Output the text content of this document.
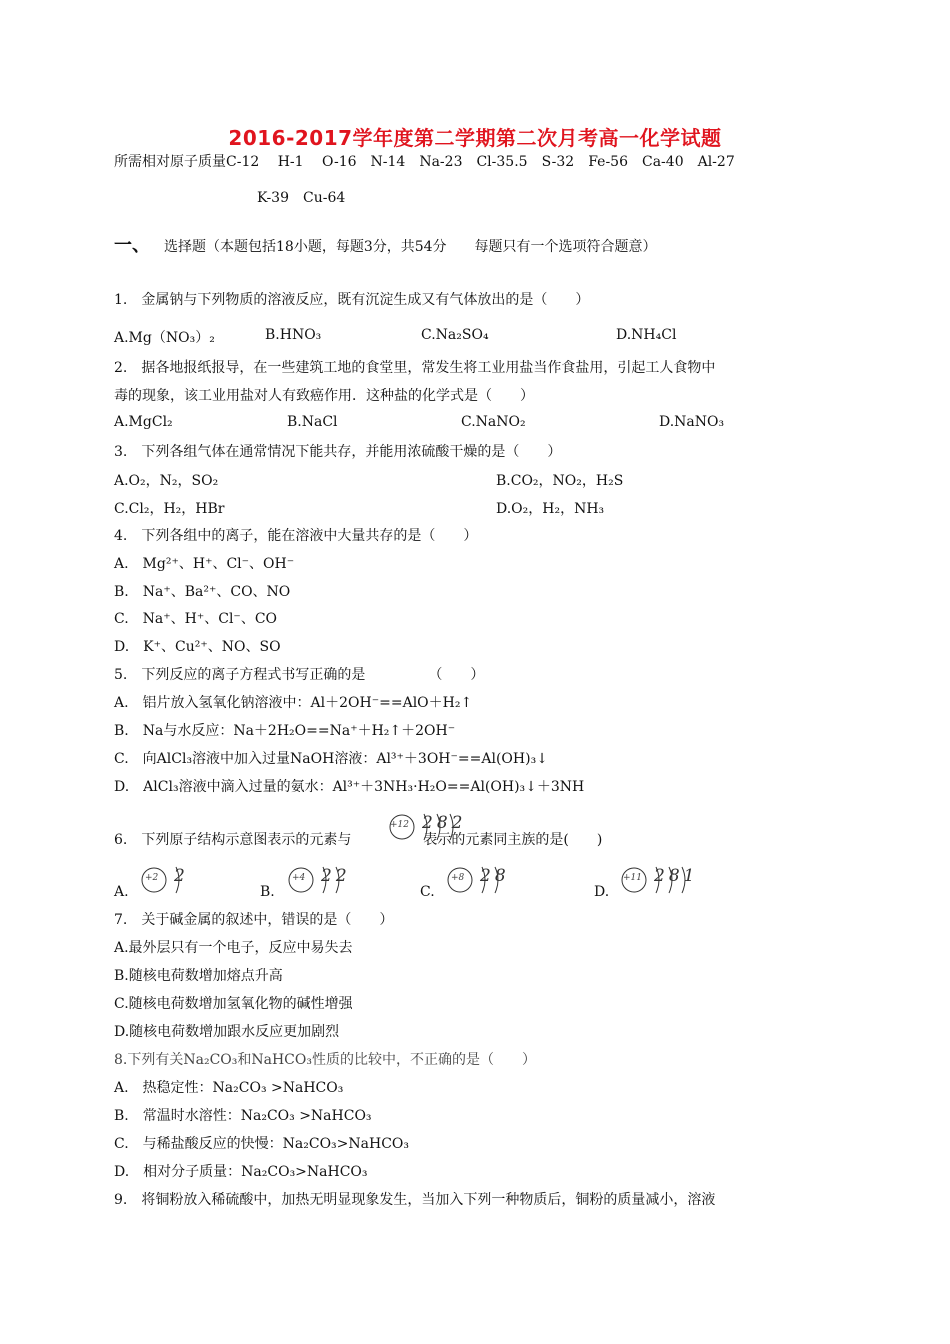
2016-2017学年度第二学期第二次月考高一化学试题
所需相对原子质量C-12　 H-1　 O-16　N-14　Na-23　Cl-35.5　S-32　Fe-56　Ca-40　Al-27
K-39　Cu-64
一、 选择题（本题包括18小题，每题3分，共54分　　每题只有一个选项符合题意）
1.　金属钠与下列物质的溶液反应，既有沉淀生成又有气体放出的是（　　）
A.Mg（NO₃）₂	B.HNO₃	C.Na₂SO₄	D.NH₄Cl
2.　据各地报纸报导，在一些建筑工地的食堂里，常发生将工业用盐当作食盐用，引起工人食物中
毒的现象，该工业用盐对人有致癌作用．这种盐的化学式是（　　）
A.MgCl₂	B.NaCl	C.NaNO₂	D.NaNO₃
3.　下列各组气体在通常情况下能共存，并能用浓硫酸干燥的是（　　）
A.O₂，N₂，SO₂	B.CO₂，NO₂，H₂S
C.Cl₂，H₂，HBr	D.O₂，H₂，NH₃
4.　下列各组中的离子，能在溶液中大量共存的是（　　）
A.　Mg²⁺、H⁺、Cl⁻、OH⁻
B.　Na⁺、Ba²⁺、CO、NO
C.　Na⁺、H⁺、Cl⁻、CO
D.　K⁺、Cu²⁺、NO、SO
5.　下列反应的离子方程式书写正确的是　　　　　（　　）
A.　铝片放入氢氧化钠溶液中：Al＋2OH⁻==AlO＋H₂↑
B.　Na与水反应：Na＋2H₂O==Na⁺＋H₂↑＋2OH⁻
C.　向AlCl₃溶液中加入过量NaOH溶液：Al³⁺＋3OH⁻==Al(OH)₃↓
D.　AlCl₃溶液中滴入过量的氨水：Al³⁺＋3NH₃·H₂O==Al(OH)₃↓＋3NH
6.　下列原子结构示意图表示的元素与	表示的元素同主族的是(　　)
+12 282
A.
+2 2
B.
+4 22
C.
+8 28
D.
+11 281
7.　关于碱金属的叙述中，错误的是（　　）
A.最外层只有一个电子，反应中易失去
B.随核电荷数增加熔点升高
C.随核电荷数增加氢氧化物的碱性增强
D.随核电荷数增加跟水反应更加剧烈
8.下列有关Na₂CO₃和NaHCO₃性质的比较中，不正确的是（　　）
A.　热稳定性：Na₂CO₃ >NaHCO₃
B.　常温时水溶性：Na₂CO₃ >NaHCO₃
C.　与稀盐酸反应的快慢：Na₂CO₃>NaHCO₃
D.　相对分子质量：Na₂CO₃>NaHCO₃
9.　将铜粉放入稀硫酸中，加热无明显现象发生，当加入下列一种物质后，铜粉的质量减小，溶液
